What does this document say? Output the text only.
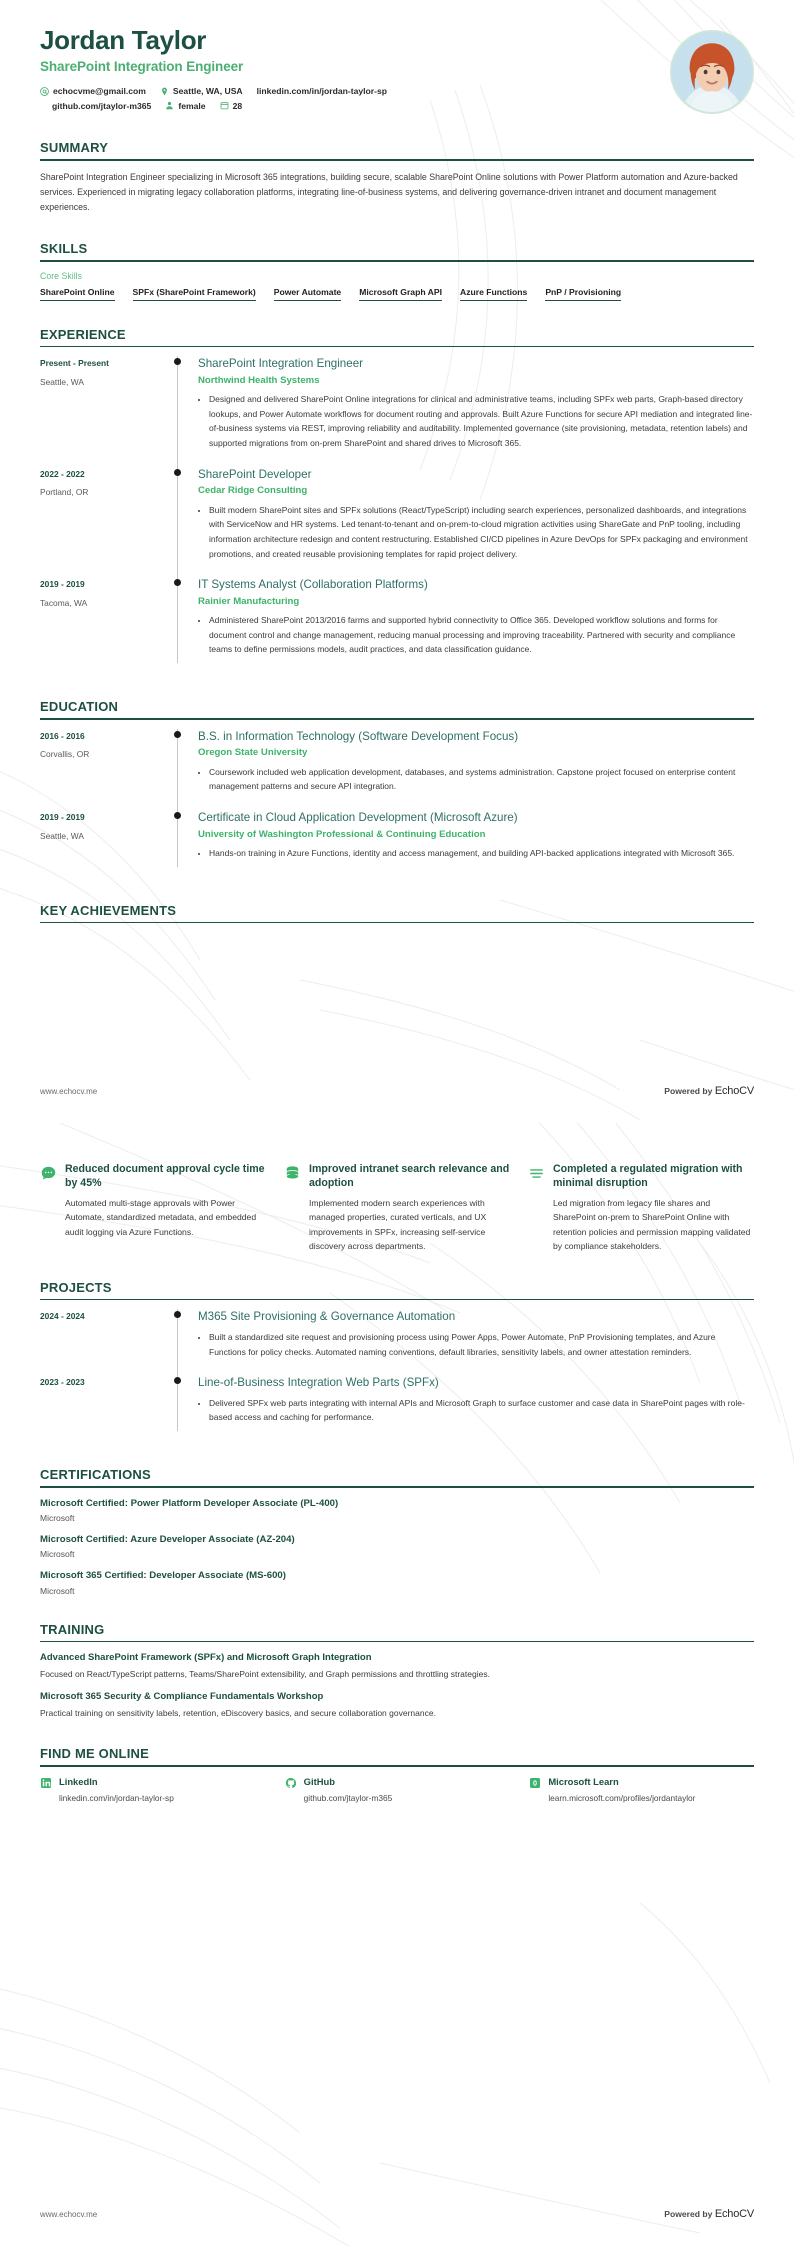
Jordan Taylor
SharePoint Integration Engineer
echocvme@gmail.com	Seattle, WA, USA linkedin.com/in/jordan-taylor-sp
github.com/jtaylor-m365	female	28
SUMMARY
SharePoint Integration Engineer specializing in Microsoft 365 integrations, building secure, scalable SharePoint Online solutions with Power Platform automation and Azure-backed services. Experienced in migrating legacy collaboration platforms, integrating line-of-business systems, and delivering governance-driven intranet and document management experiences.
SKILLS
Core Skills
SharePoint Online SPFx (SharePoint Framework) Power Automate Microsoft Graph API Azure Functions PnP / Provisioning
EXPERIENCE
Present - Present
Seattle, WA
SharePoint Integration Engineer
Northwind Health Systems
• Designed and delivered SharePoint Online integrations for clinical and administrative teams, including SPFx web parts, Graph-based directory lookups, and Power Automate workflows for document routing and approvals. Built Azure Functions for secure API mediation and integrated line-of-business systems via REST, improving reliability and auditability. Implemented governance (site provisioning, metadata, retention labels) and supported migrations from on-prem SharePoint and shared drives to Microsoft 365.
2022 - 2022
Portland, OR
SharePoint Developer
Cedar Ridge Consulting
• Built modern SharePoint sites and SPFx solutions (React/TypeScript) including search experiences, personalized dashboards, and integrations with ServiceNow and HR systems. Led tenant-to-tenant and on-prem-to-cloud migration activities using ShareGate and PnP tooling, including information architecture redesign and content restructuring. Established CI/CD pipelines in Azure DevOps for SPFx packaging and environment promotions, and created reusable provisioning templates for rapid project delivery.
2019 - 2019
Tacoma, WA
IT Systems Analyst (Collaboration Platforms)
Rainier Manufacturing
• Administered SharePoint 2013/2016 farms and supported hybrid connectivity to Office 365. Developed workflow solutions and forms for document control and change management, reducing manual processing and improving traceability. Partnered with security and compliance teams to define permissions models, audit practices, and data classification guidance.
EDUCATION
2016 - 2016
Corvallis, OR
B.S. in Information Technology (Software Development Focus)
Oregon State University
• Coursework included web application development, databases, and systems administration. Capstone project focused on enterprise content management patterns and secure API integration.
2019 - 2019
Seattle, WA
Certificate in Cloud Application Development (Microsoft Azure)
University of Washington Professional & Continuing Education
• Hands-on training in Azure Functions, identity and access management, and building API-backed applications integrated with Microsoft 365.
KEY ACHIEVEMENTS
www.echocv.me	Powered by EchoCV
Reduced document approval cycle time by 45%
Automated multi-stage approvals with Power Automate, standardized metadata, and embedded audit logging via Azure Functions.
Improved intranet search relevance and adoption
Implemented modern search experiences with managed properties, curated verticals, and UX improvements in SPFx, increasing self-service discovery across departments.
Completed a regulated migration with minimal disruption
Led migration from legacy file shares and SharePoint on-prem to SharePoint Online with retention policies and permission mapping validated by compliance stakeholders.
PROJECTS
2024 - 2024	M365 Site Provisioning & Governance Automation
• Built a standardized site request and provisioning process using Power Apps, Power Automate, PnP Provisioning templates, and Azure Functions for policy checks. Automated naming conventions, default libraries, sensitivity labels, and owner attestation reminders.
2023 - 2023	Line-of-Business Integration Web Parts (SPFx)
• Delivered SPFx web parts integrating with internal APIs and Microsoft Graph to surface customer and case data in SharePoint pages with role-based access and caching for performance.
CERTIFICATIONS
Microsoft Certified: Power Platform Developer Associate (PL-400)
Microsoft
Microsoft Certified: Azure Developer Associate (AZ-204)
Microsoft
Microsoft 365 Certified: Developer Associate (MS-600)
Microsoft
TRAINING
Advanced SharePoint Framework (SPFx) and Microsoft Graph Integration
Focused on React/TypeScript patterns, Teams/SharePoint extensibility, and Graph permissions and throttling strategies.
Microsoft 365 Security & Compliance Fundamentals Workshop
Practical training on sensitivity labels, retention, eDiscovery basics, and secure collaboration governance.
FIND ME ONLINE
LinkedIn
linkedin.com/in/jordan-taylor-sp
GitHub
github.com/jtaylor-m365
Microsoft Learn
learn.microsoft.com/profiles/jordantaylor
www.echocv.me	Powered by EchoCV
